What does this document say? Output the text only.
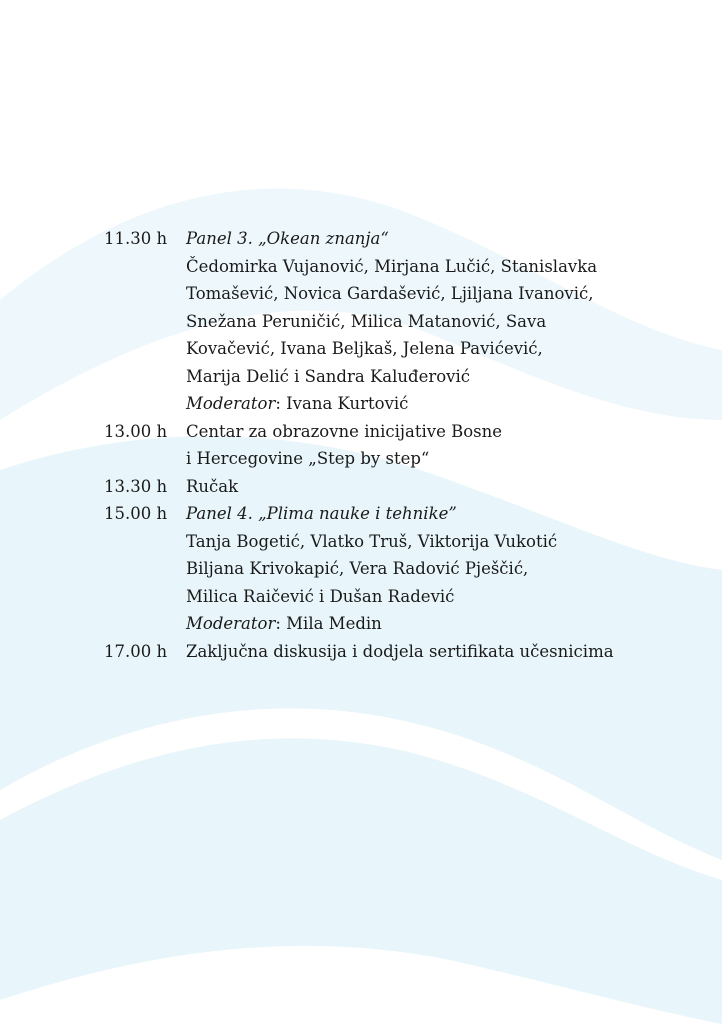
11.30 h	Panel 3. „Okean znanja“
Čedomirka Vujanović, Mirjana Lučić, Stanislavka
Tomašević, Novica Gardašević, Ljiljana Ivanović,
Snežana Peruničić, Milica Matanović, Sava
Kovačević, Ivana Beljkaš, Jelena Pavićević,
Marija Delić i Sandra Kaluđerović
Moderator: Ivana Kurtović
13.00 h	Centar za obrazovne inicijative Bosne
i Hercegovine „Step by step“
13.30 h	Ručak
15.00 h	Panel 4. „Plima nauke i tehnike”
Tanja Bogetić, Vlatko Truš, Viktorija Vukotić
Biljana Krivokapić, Vera Radović Pješčić,
Milica Raičević i Dušan Radević
Moderator: Mila Medin
17.00 h	Zaključna diskusija i dodjela sertifikata učesnicima
